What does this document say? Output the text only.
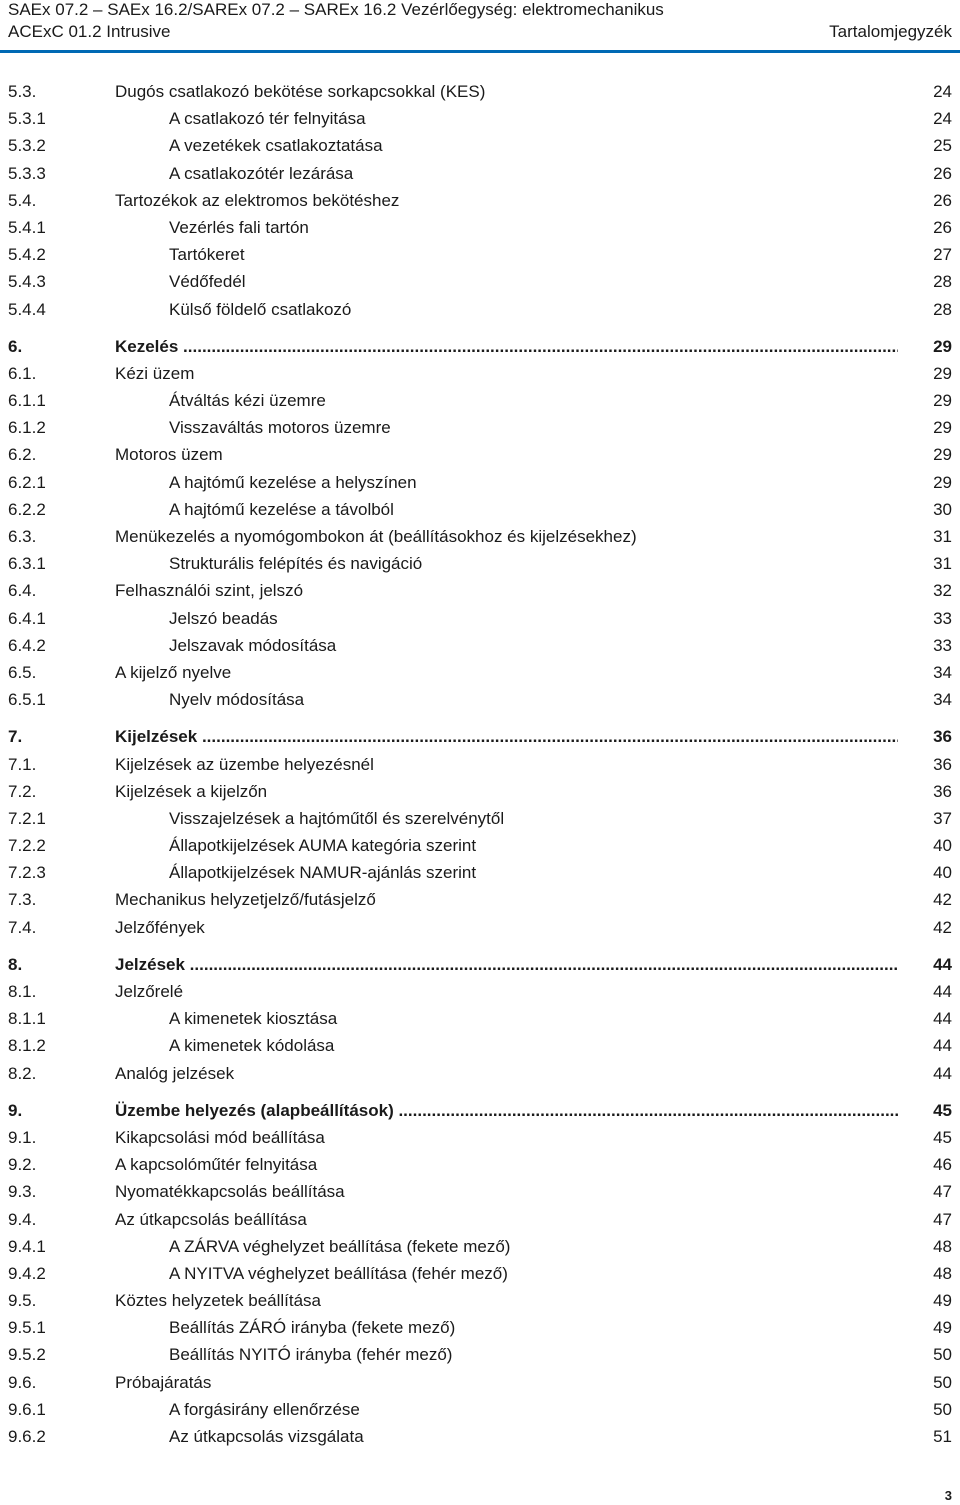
SAEx 07.2 – SAEx 16.2/SAREx 07.2 – SAREx 16.2 Vezérlőegység: elektromechanikus
ACExC 01.2 Intrusive	Tartalomjegyzék
5.3.	Dugós csatlakozó bekötése sorkapcsokkal (KES)	24
5.3.1	A csatlakozó tér felnyitása	24
5.3.2	A vezetékek csatlakoztatása	25
5.3.3	A csatlakozótér lezárása	26
5.4.	Tartozékok az elektromos bekötéshez	26
5.4.1	Vezérlés fali tartón	26
5.4.2	Tartókeret	27
5.4.3	Védőfedél	28
5.4.4	Külső földelő csatlakozó	28
6.	Kezelés .....	29
6.1.	Kézi üzem	29
6.1.1	Átváltás kézi üzemre	29
6.1.2	Visszaváltás motoros üzemre	29
6.2.	Motoros üzem	29
6.2.1	A hajtómű kezelése a helyszínen	29
6.2.2	A hajtómű kezelése a távolból	30
6.3.	Menükezelés a nyomógombokon át (beállításokhoz és kijelzésekhez)	31
6.3.1	Strukturális felépítés és navigáció	31
6.4.	Felhasználói szint, jelszó	32
6.4.1	Jelszó beadás	33
6.4.2	Jelszavak módosítása	33
6.5.	A kijelző nyelve	34
6.5.1	Nyelv módosítása	34
7.	Kijelzések .....	36
7.1.	Kijelzések az üzembe helyezésnél	36
7.2.	Kijelzések a kijelzőn	36
7.2.1	Visszajelzések a hajtóműtől és szerelvénytől	37
7.2.2	Állapotkijelzések AUMA kategória szerint	40
7.2.3	Állapotkijelzések NAMUR-ajánlás szerint	40
7.3.	Mechanikus helyzetjelző/futásjelző	42
7.4.	Jelzőfények	42
8.	Jelzések .....	44
8.1.	Jelzőrelé	44
8.1.1	A kimenetek kiosztása	44
8.1.2	A kimenetek kódolása	44
8.2.	Analóg jelzések	44
9.	Üzembe helyezés (alapbeállítások) .....	45
9.1.	Kikapcsolási mód beállítása	45
9.2.	A kapcsolóműtér felnyitása	46
9.3.	Nyomatékkapcsolás beállítása	47
9.4.	Az útkapcsolás beállítása	47
9.4.1	A ZÁRVA véghelyzet beállítása (fekete mező)	48
9.4.2	A NYITVA véghelyzet beállítása (fehér mező)	48
9.5.	Köztes helyzetek beállítása	49
9.5.1	Beállítás ZÁRÓ irányba (fekete mező)	49
9.5.2	Beállítás NYITÓ irányba (fehér mező)	50
9.6.	Próbajáratás	50
9.6.1	A forgásirány ellenőrzése	50
9.6.2	Az útkapcsolás vizsgálata	51
3
